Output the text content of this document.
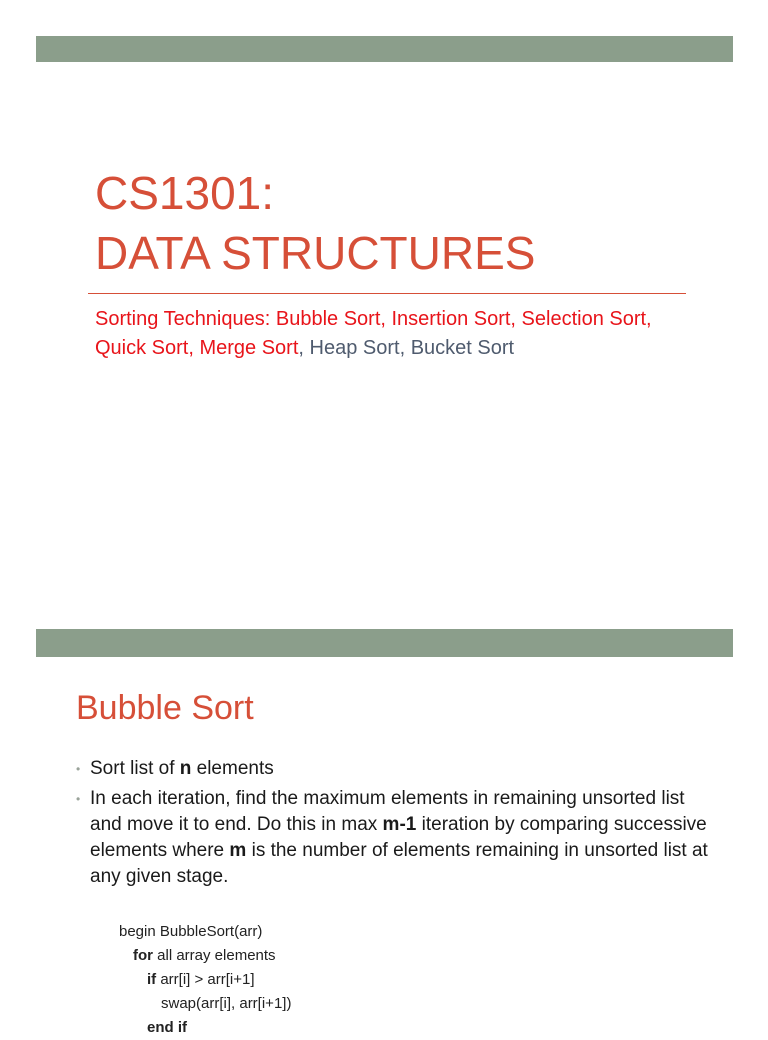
CS1301:
DATA STRUCTURES
Sorting Techniques: Bubble Sort, Insertion Sort, Selection Sort, Quick Sort, Merge Sort, Heap Sort, Bucket Sort
Bubble Sort
• Sort list of n elements
• In each iteration, find the maximum elements in remaining unsorted list and move it to end. Do this in max m-1 iteration by comparing successive elements where m is the number of elements remaining in unsorted list at any given stage.
begin BubbleSort(arr)
for all array elements
if arr[i] > arr[i+1]
swap(arr[i], arr[i+1])
end if
